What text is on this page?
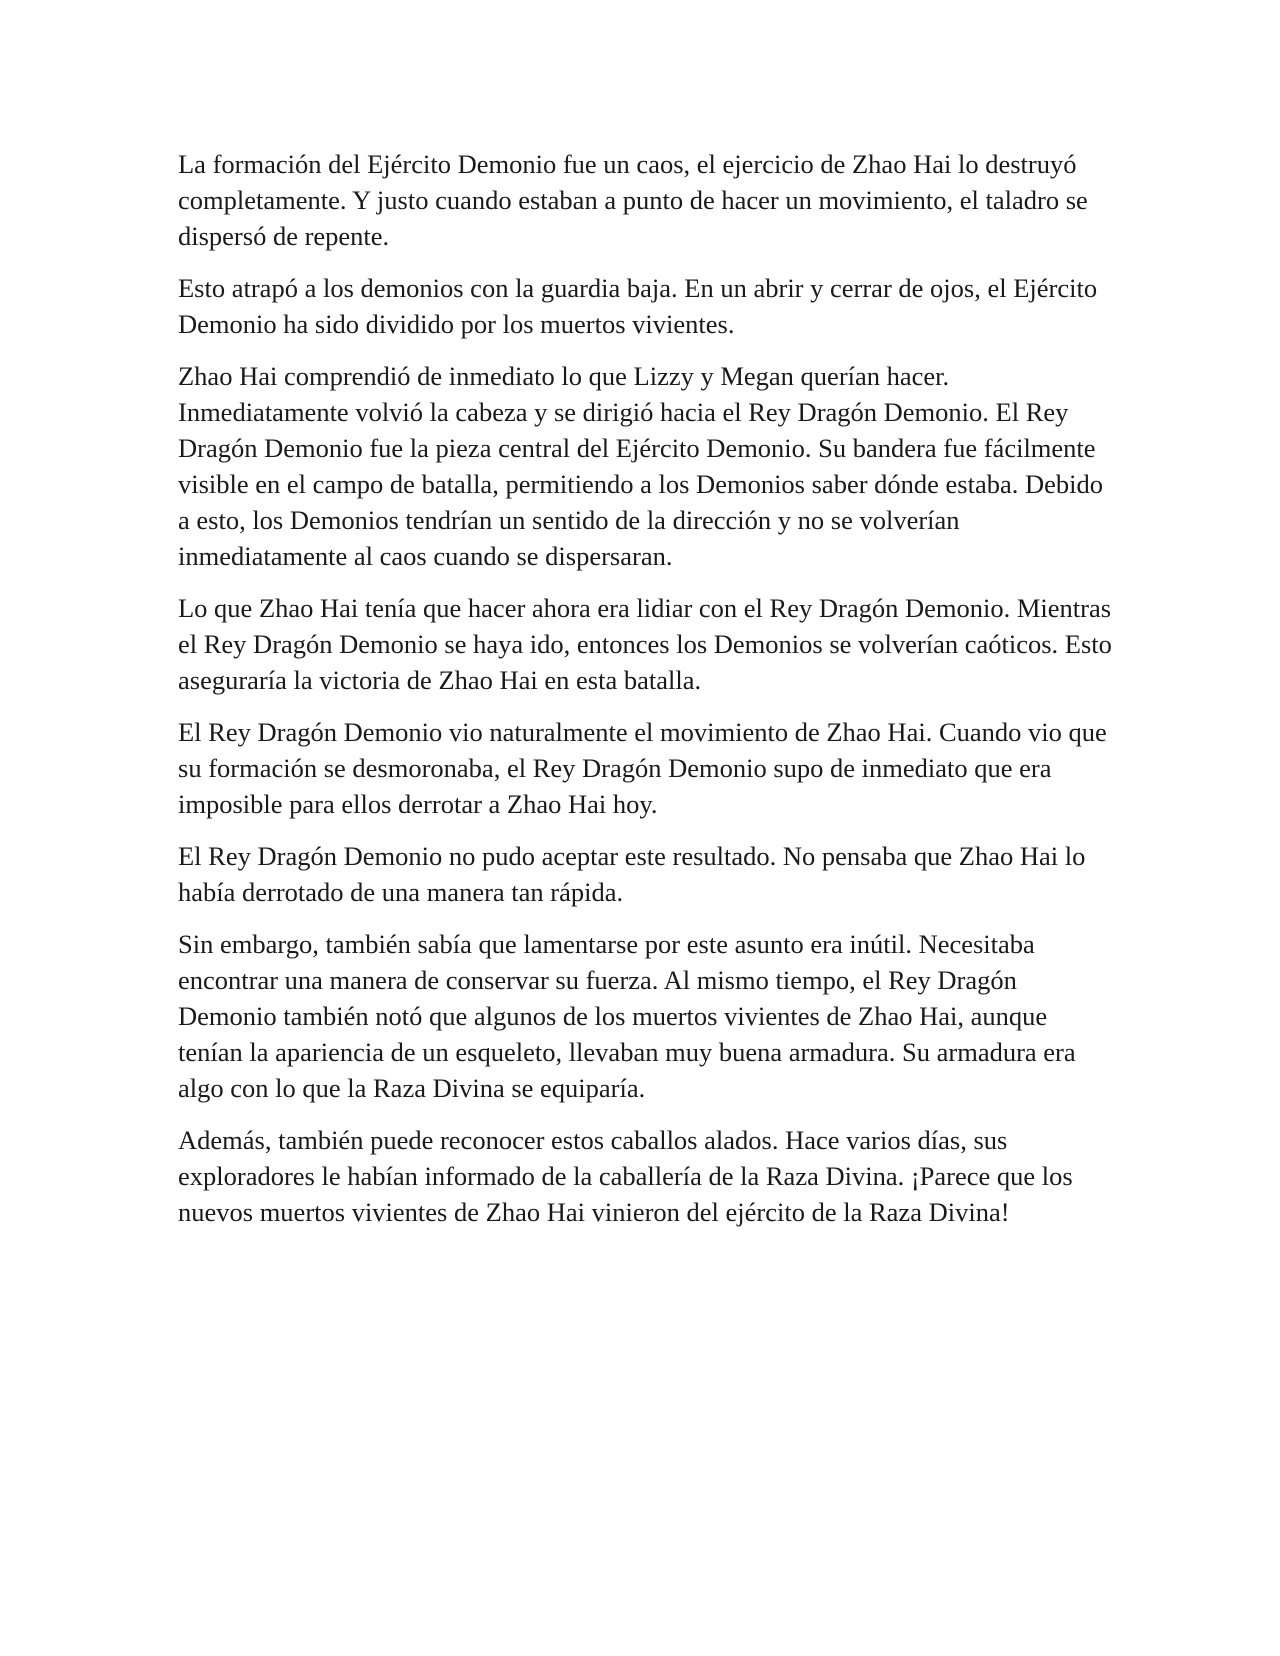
La formación del Ejército Demonio fue un caos, el ejercicio de Zhao Hai lo destruyó completamente. Y justo cuando estaban a punto de hacer un movimiento, el taladro se dispersó de repente.

Esto atrapó a los demonios con la guardia baja. En un abrir y cerrar de ojos, el Ejército Demonio ha sido dividido por los muertos vivientes.

Zhao Hai comprendió de inmediato lo que Lizzy y Megan querían hacer. Inmediatamente volvió la cabeza y se dirigió hacia el Rey Dragón Demonio. El Rey Dragón Demonio fue la pieza central del Ejército Demonio. Su bandera fue fácilmente visible en el campo de batalla, permitiendo a los Demonios saber dónde estaba. Debido a esto, los Demonios tendrían un sentido de la dirección y no se volverían inmediatamente al caos cuando se dispersaran.

Lo que Zhao Hai tenía que hacer ahora era lidiar con el Rey Dragón Demonio. Mientras el Rey Dragón Demonio se haya ido, entonces los Demonios se volverían caóticos. Esto aseguraría la victoria de Zhao Hai en esta batalla.

El Rey Dragón Demonio vio naturalmente el movimiento de Zhao Hai. Cuando vio que su formación se desmoronaba, el Rey Dragón Demonio supo de inmediato que era imposible para ellos derrotar a Zhao Hai hoy.

El Rey Dragón Demonio no pudo aceptar este resultado. No pensaba que Zhao Hai lo había derrotado de una manera tan rápida.

Sin embargo, también sabía que lamentarse por este asunto era inútil. Necesitaba encontrar una manera de conservar su fuerza. Al mismo tiempo, el Rey Dragón Demonio también notó que algunos de los muertos vivientes de Zhao Hai, aunque tenían la apariencia de un esqueleto, llevaban muy buena armadura. Su armadura era algo con lo que la Raza Divina se equiparía.

Además, también puede reconocer estos caballos alados. Hace varios días, sus exploradores le habían informado de la caballería de la Raza Divina. ¡Parece que los nuevos muertos vivientes de Zhao Hai vinieron del ejército de la Raza Divina!
